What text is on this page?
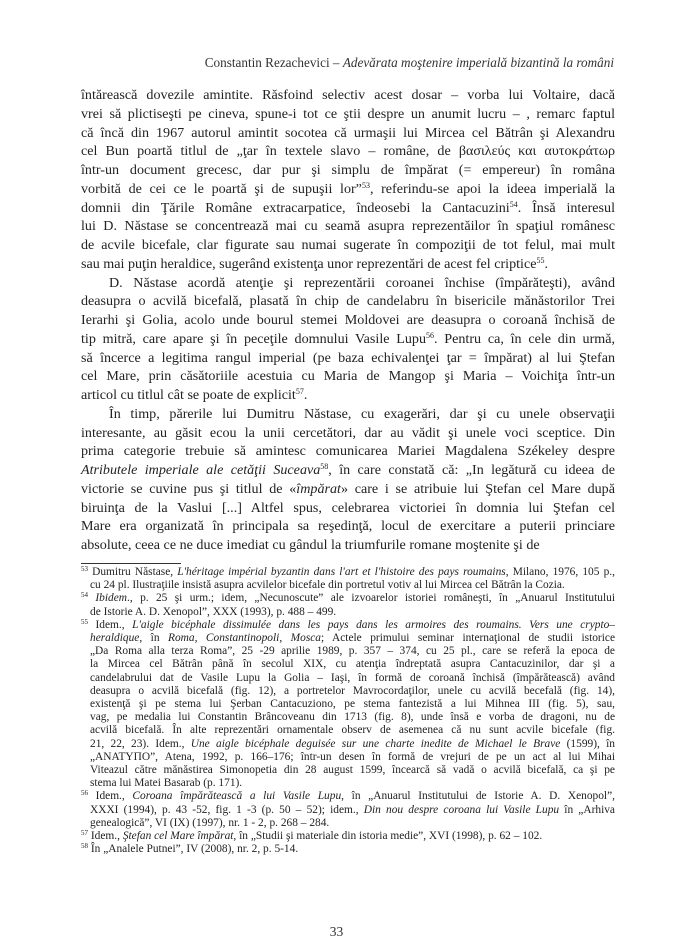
Constantin Rezachevici – Adevărata moştenire imperială bizantină la români

întărească dovezile amintite. Răsfoind selectiv acest dosar – vorba lui Voltaire, dacă
vrei să plictiseşti pe cineva, spune-i tot ce ştii despre un anumit lucru – , remarc faptul
că încă din 1967 autorul amintit socotea că urmaşii lui Mircea cel Bătrân şi Alexandru
cel Bun poartă titlul de „ţar în textele slavo – române, de βασιλεύς και αυτοκράτωρ
într-un document grecesc, dar pur şi simplu de împărat (= empereur) în româna
vorbită de cei ce le poartă şi de supuşii lor”$^{53}$, referindu-se apoi la ideea imperială la
domnii din Ţările Române extracarpatice, îndeosebi la Cantacuzini$^{54}$. Însă interesul
lui D. Năstase se concentrează mai cu seamă asupra reprezentăilor în spaţiul românesc
de acvile bicefale, clar figurate sau numai sugerate în compoziţii de tot felul, mai mult
sau mai puţin heraldice, sugerând existenţa unor reprezentări de acest fel criptice$^{55}$.

D. Năstase acordă atenţie şi reprezentării coroanei închise (împărăteşti), având
deasupra o acvilă bicefală, plasată în chip de candelabru în bisericile mănăstorilor Trei
Ierarhi şi Golia, acolo unde bourul stemei Moldovei are deasupra o coroană închisă de
tip mitră, care apare şi în peceţile domnului Vasile Lupu$^{56}$. Pentru ca, în cele din urmă,
să încerce a legitima rangul imperial (pe baza echivalenţei ţar = împărat) al lui Ştefan
cel Mare, prin căsătoriile acestuia cu Maria de Mangop şi Maria – Voichiţa într-un
articol cu titlul cât se poate de explicit$^{57}$.

În timp, părerile lui Dumitru Năstase, cu exagerări, dar şi cu unele observaţii
interesante, au găsit ecou la unii cercetători, dar au vădit şi unele voci sceptice. Din
prima categorie trebuie să amintesc comunicarea Mariei Magdalena Székeley despre
Atributele imperiale ale cetăţii Suceava$^{58}$, în care constată că: „In legătură cu ideea de
victorie se cuvine pus şi titlul de «împărat» care i se atribuie lui Ştefan cel Mare după
biruinţa de la Vaslui [...] Altfel spus, celebrarea victoriei în domnia lui Ştefan cel
Mare era organizată în principala sa reşedinţă, locul de exercitare a puterii princiare
absolute, ceea ce ne duce imediat cu gândul la triumfurile romane moştenite şi de

$^{53}$ Dumitru Năstase, L'héritage impérial byzantin dans l'art et l'histoire des pays roumains, Milano, 1976, 105 p.,
cu 24 pl. Ilustraţiile insistă asupra acvilelor bicefale din portretul votiv al lui Mircea cel Bătrân la Cozia.
$^{54}$ Ibidem., p. 25 şi urm.; idem, „Necunoscute” ale izvoarelor istoriei româneşti, în „Anuarul Institutului
de Istorie A. D. Xenopol”, XXX (1993), p. 488 – 499.
$^{55}$ Idem., L'aigle bicéphale dissimulée dans les pays dans les armoires des roumains. Vers une crypto–
heraldique, în Roma, Constantinopoli, Mosca; Actele primului seminar internaţional de studii istorice
„Da Roma alla terza Roma”, 25 -29 aprilie 1989, p. 357 – 374, cu 25 pl., care se referă la epoca de
la Mircea cel Bătrân până în secolul XIX, cu atenţia îndreptată asupra Cantacuzinilor, dar şi a
candelabrului dat de Vasile Lupu la Golia – Iaşi, în formă de coroană închisă (împărătească) având
deasupra o acvilă bicefală (fig. 12), a portretelor Mavrocordaţilor, unele cu acvilă becefală (fig. 14),
existenţă şi pe stema lui Şerban Cantacuziono, pe stema fantezistă a lui Mihnea III (fig. 5), sau,
vag, pe medalia lui Constantin Brâncoveanu din 1713 (fig. 8), unde însă e vorba de dragoni, nu de
acvilă bicefală. În alte reprezentări ornamentale observ de asemenea că nu sunt acvile bicefale (fig.
21, 22, 23). Idem., Une aigle bicéphale deguisée sur une charte inedite de Michael le Brave (1599), în
„ANATYПO”, Atena, 1992, p. 166–176; într-un desen în formă de vrejuri de pe un act al lui Mihai
Viteazul către mănăstirea Simonopetia din 28 august 1599, încearcă să vadă o acvilă bicefală, ca şi pe
stema lui Matei Basarab (p. 171).
$^{56}$ Idem., Coroana împărătească a lui Vasile Lupu, în „Anuarul Institutului de Istorie A. D. Xenopol”,
XXXI (1994), p. 43 -52, fig. 1 -3 (p. 50 – 52); idem., Din nou despre coroana lui Vasile Lupu în „Arhiva
genealogică”, VI (IX) (1997), nr. 1 - 2, p. 268 – 284.
$^{57}$ Idem., Ştefan cel Mare împărat, în „Studii şi materiale din istoria medie”, XVI (1998), p. 62 – 102.
$^{58}$ În „Analele Putnei”, IV (2008), nr. 2, p. 5-14.
33
